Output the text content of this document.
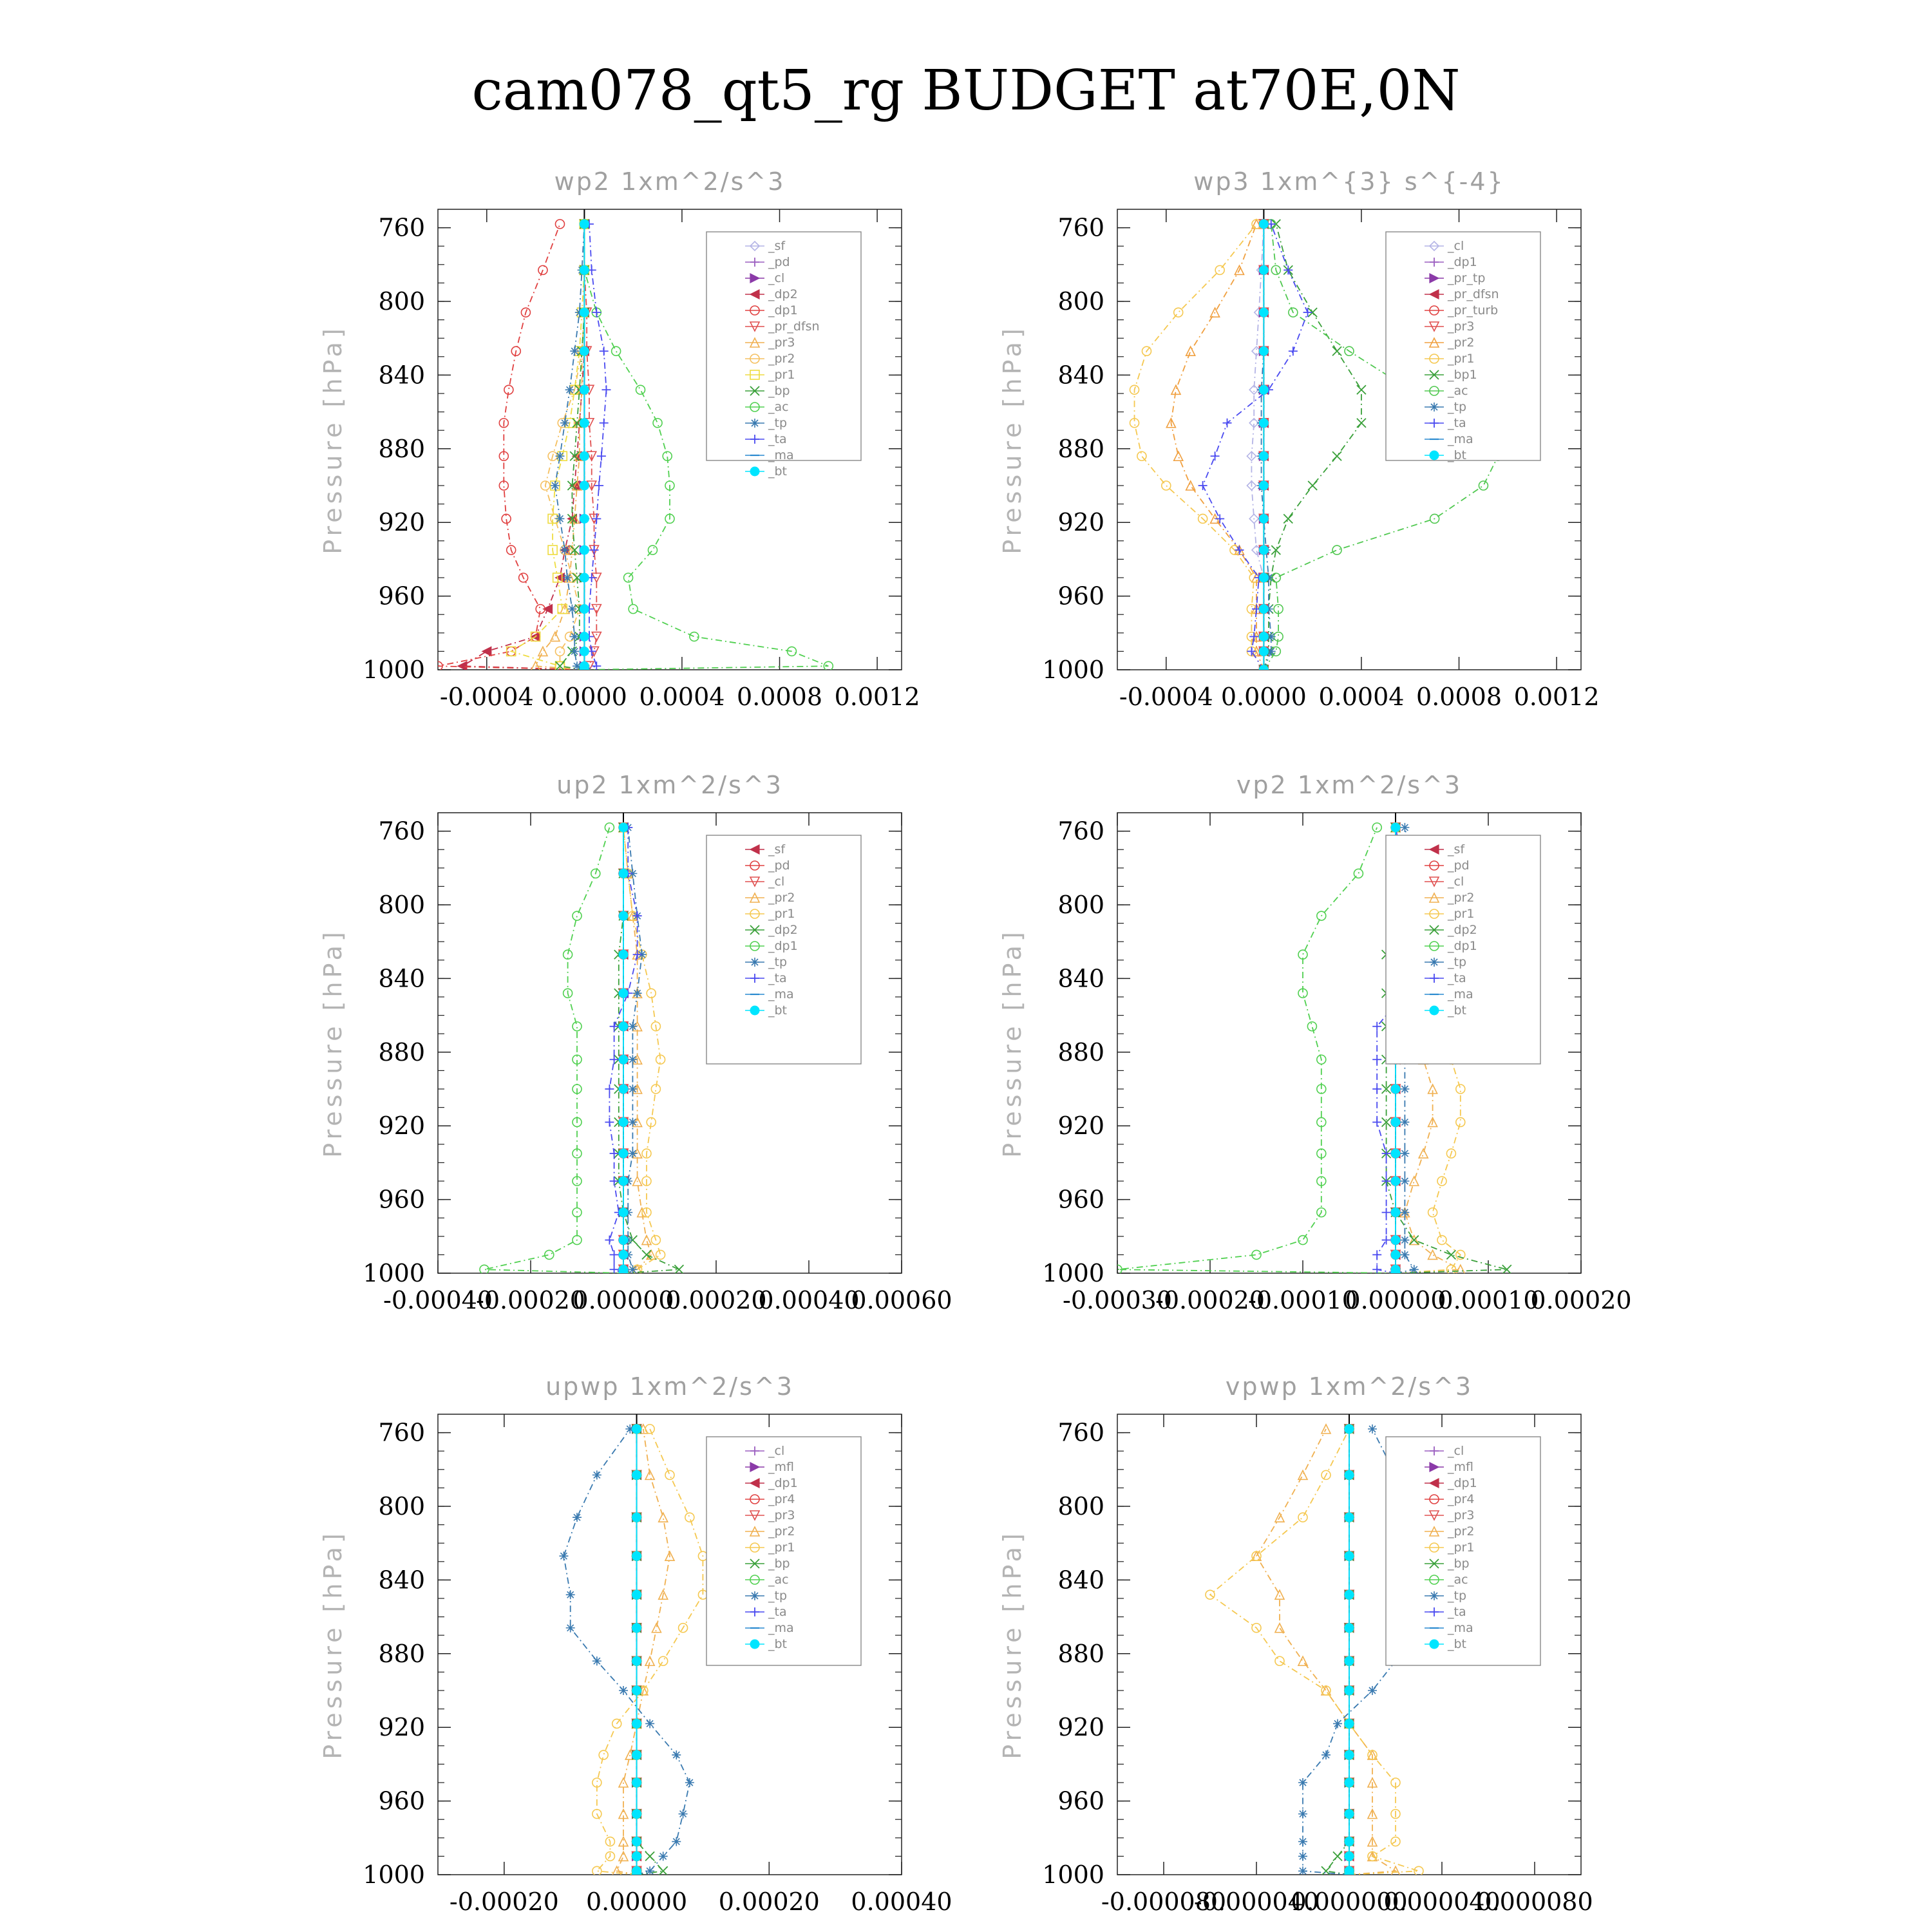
cam078_qt5_rg BUDGET at70E,0N
760
800
840
880
920
960
1000
-0.0004 0.0000 0.0004 0.0008 0.0012
wp2 1xm^2/s^3
Pressure [hPa]
_sf
_pd
_cl
_dp2
_dp1
_pr_dfsn
_pr3
_pr2
_pr1
_bp
_ac
_tp
_ta
_ma
_bt
760
800
840
880
920
960
1000
-0.0004 0.0000 0.0004 0.0008 0.0012
wp3 1xm^{3} s^{-4}
Pressure [hPa]
_cl
_dp1
_pr_tp
_pr_dfsn
_pr_turb
_pr3
_pr2
_pr1
_bp1
_ac
_tp
_ta
_ma
_bt
760
800
840
880
920
960
1000
-0.00040
-0.00020
0.00000
0.00020
0.00040
0.00060
up2 1xm^2/s^3
Pressure [hPa]
_sf
_pd
_cl
_pr2
_pr1
_dp2
_dp1
_tp
_ta
_ma
_bt
760
800
840
880
920
960
1000
-0.00030
-0.00020
-0.00010
0.00000
0.00010
0.00020
vp2 1xm^2/s^3
Pressure [hPa]
_sf
_pd
_cl
_pr2
_pr1
_dp2
_dp1
_tp
_ta
_ma
_bt
760
800
840
880
920
960
1000
-0.00020 0.00000 0.00020 0.00040
upwp 1xm^2/s^3
Pressure [hPa]
_cl
_mfl
_dp1
_pr4
_pr3
_pr2
_pr1
_bp
_ac
_tp
_ta
_ma
_bt
760
800
840
880
920
960
1000
-0.000080
-0.000040
0.000000
0.000040
0.000080
vpwp 1xm^2/s^3
Pressure [hPa]
_cl
_mfl
_dp1
_pr4
_pr3
_pr2
_pr1
_bp
_ac
_tp
_ta
_ma
_bt
